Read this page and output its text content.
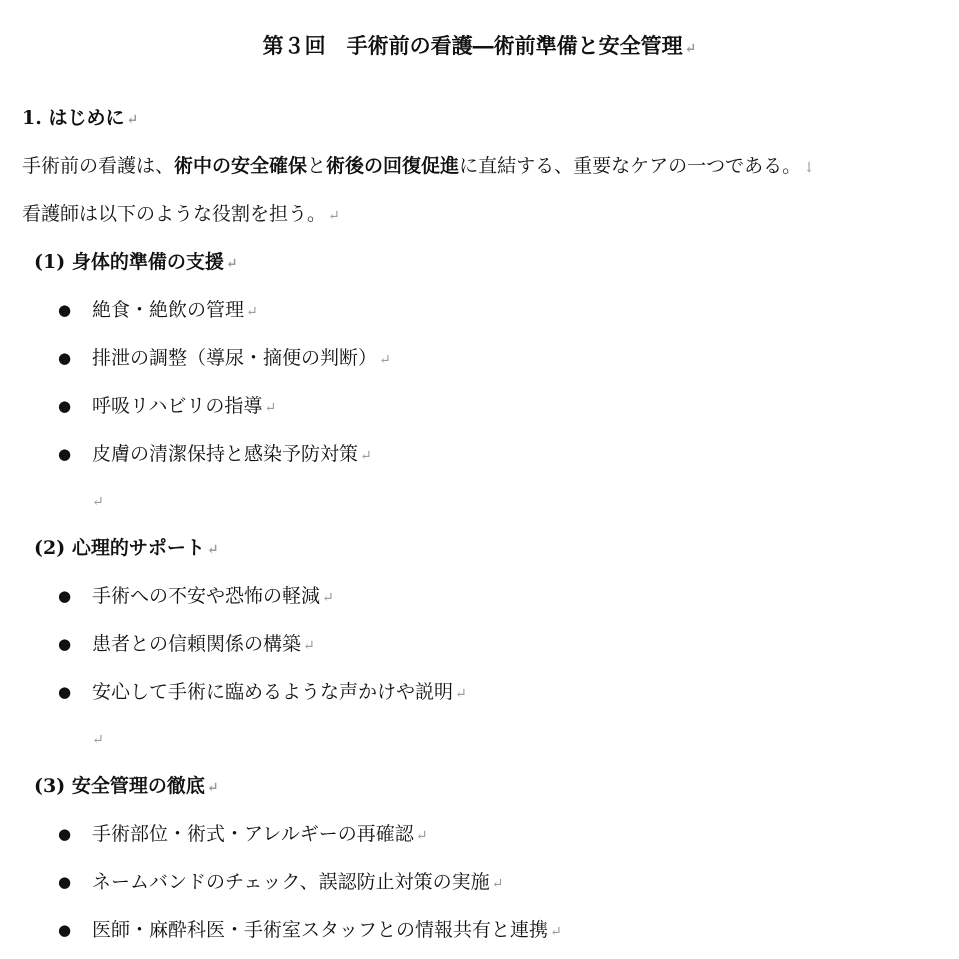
第３回　手術前の看護―術前準備と安全管理 ↵
1. はじめに ↵
手術前の看護は、術中の安全確保と術後の回復促進に直結する、重要なケアの一つである。 ↓
看護師は以下のような役割を担う。 ↵
(1) 身体的準備の支援 ↵
● 絶食・絶飲の管理 ↵
● 排泄の調整（導尿・摘便の判断） ↵
● 呼吸リハビリの指導 ↵
● 皮膚の清潔保持と感染予防対策 ↵
↵
(2) 心理的サポート ↵
● 手術への不安や恐怖の軽減 ↵
● 患者との信頼関係の構築 ↵
● 安心して手術に臨めるような声かけや説明 ↵
↵
(3) 安全管理の徹底 ↵
● 手術部位・術式・アレルギーの再確認 ↵
● ネームバンドのチェック、誤認防止対策の実施 ↵
● 医師・麻酔科医・手術室スタッフとの情報共有と連携 ↵
